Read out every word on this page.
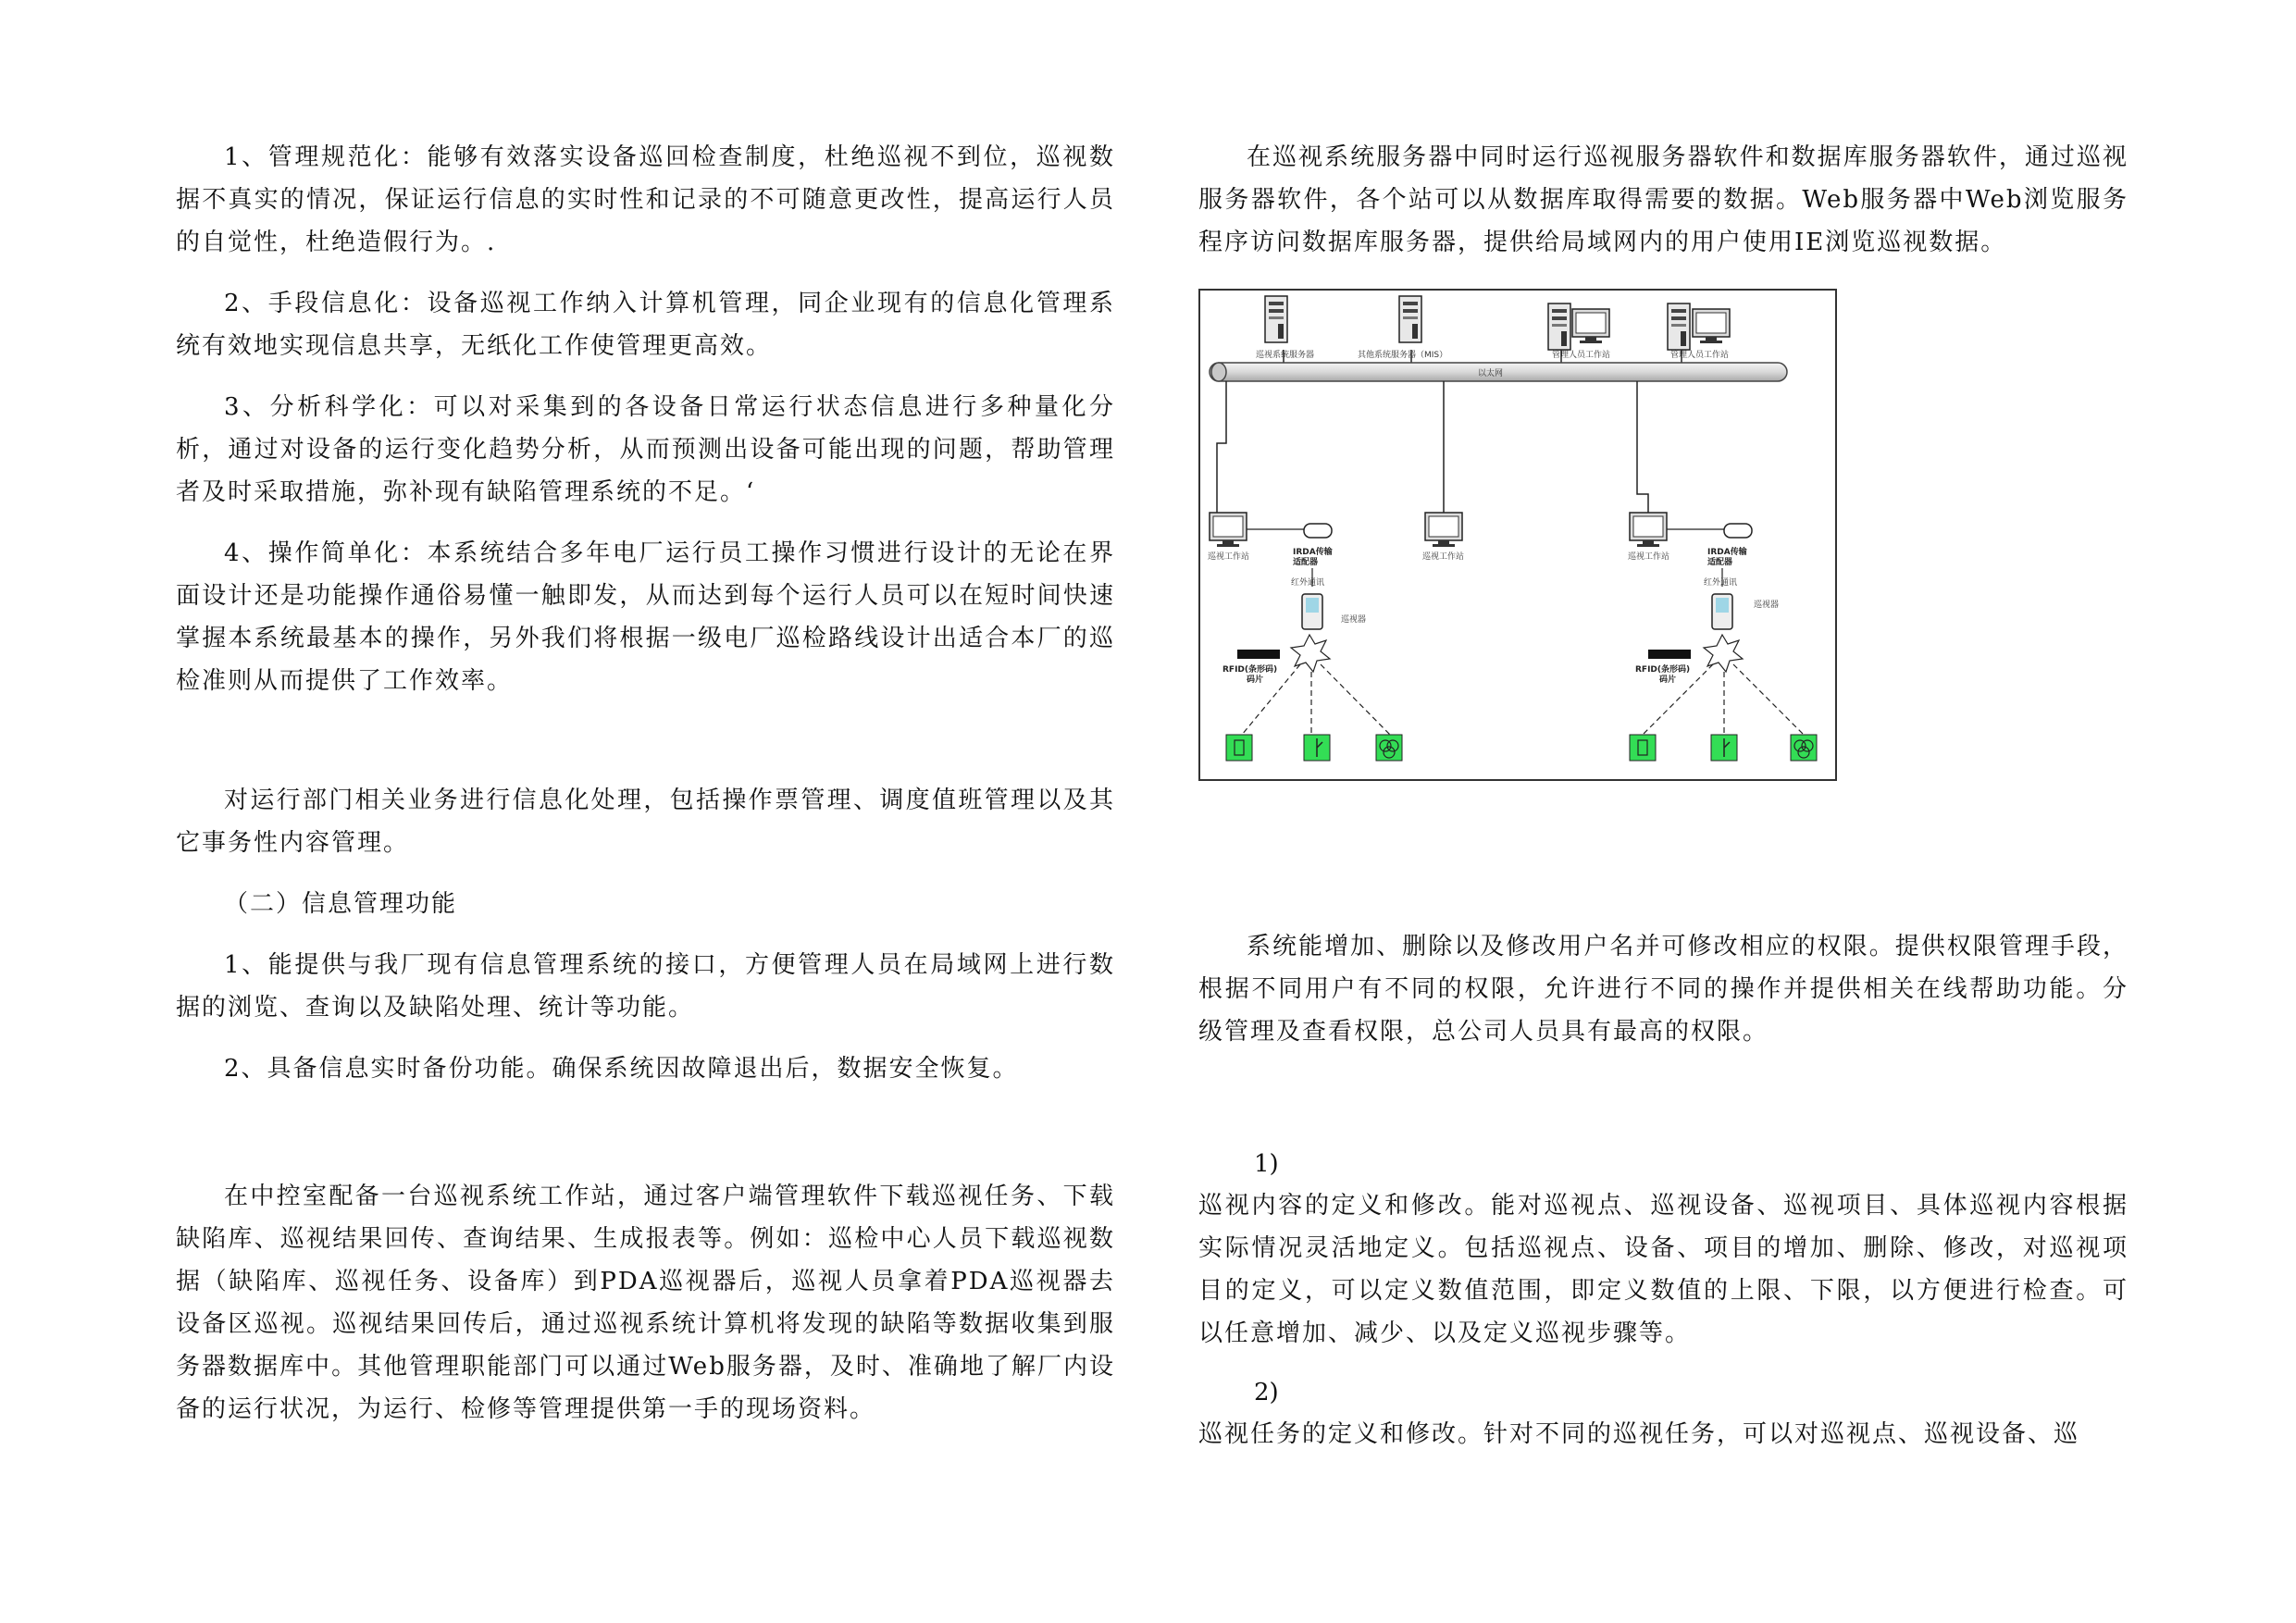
1、管理规范化：能够有效落实设备巡回检查制度，杜绝巡视不到位，巡视数据不真实的情况，保证运行信息的实时性和记录的不可随意更改性，提高运行人员的自觉性，杜绝造假行为。.

2、手段信息化：设备巡视工作纳入计算机管理，同企业现有的信息化管理系统有效地实现信息共享，无纸化工作使管理更高效。

3、分析科学化：可以对采集到的各设备日常运行状态信息进行多种量化分析，通过对设备的运行变化趋势分析，从而预测出设备可能出现的问题，帮助管理者及时采取措施，弥补现有缺陷管理系统的不足。‘

4、操作简单化：本系统结合多年电厂运行员工操作习惯进行设计的无论在界面设计还是功能操作通俗易懂一触即发，从而达到每个运行人员可以在短时间快速掌握本系统最基本的操作，另外我们将根据一级电厂巡检路线设计出适合本厂的巡检准则从而提供了工作效率。

对运行部门相关业务进行信息化处理，包括操作票管理、调度值班管理以及其它事务性内容管理。

（二）信息管理功能

1、能提供与我厂现有信息管理系统的接口，方便管理人员在局域网上进行数据的浏览、查询以及缺陷处理、统计等功能。

2、具备信息实时备份功能。确保系统因故障退出后，数据安全恢复。

在中控室配备一台巡视系统工作站，通过客户端管理软件下载巡视任务、下载缺陷库、巡视结果回传、查询结果、生成报表等。例如：巡检中心人员下载巡视数据（缺陷库、巡视任务、设备库）到PDA巡视器后，巡视人员拿着PDA巡视器去设备区巡视。巡视结果回传后，通过巡视系统计算机将发现的缺陷等数据收集到服务器数据库中。其他管理职能部门可以通过Web服务器，及时、准确地了解厂内设备的运行状况，为运行、检修等管理提供第一手的现场资料。

在巡视系统服务器中同时运行巡视服务器软件和数据库服务器软件，通过巡视服务器软件，各个站可以从数据库取得需要的数据。Web服务器中Web浏览服务程序访问数据库服务器，提供给局域网内的用户使用IE浏览巡视数据。

系统能增加、删除以及修改用户名并可修改相应的权限。提供权限管理手段，根据不同用户有不同的权限，允许进行不同的操作并提供相关在线帮助功能。分级管理及查看权限，总公司人员具有最高的权限。

1)

巡视内容的定义和修改。能对巡视点、巡视设备、巡视项目、具体巡视内容根据实际情况灵活地定义。包括巡视点、设备、项目的增加、删除、修改，对巡视项目的定义，可以定义数值范围，即定义数值的上限、下限，以方便进行检查。可以任意增加、减少、以及定义巡视步骤等。

2)

巡视任务的定义和修改。针对不同的巡视任务，可以对巡视点、巡视设备、巡

巡视系统服务器	其他系统服务器（MIS）	管理人员工作站	管理人员工作站
以太网
巡视工作站	IRDA传输
适配器
红外通讯
巡视器
RFID(条形码)
码片
巡视工作站	巡视工作站	IRDA传输
适配器
红外通讯
巡视器
RFID(条形码)
码片
